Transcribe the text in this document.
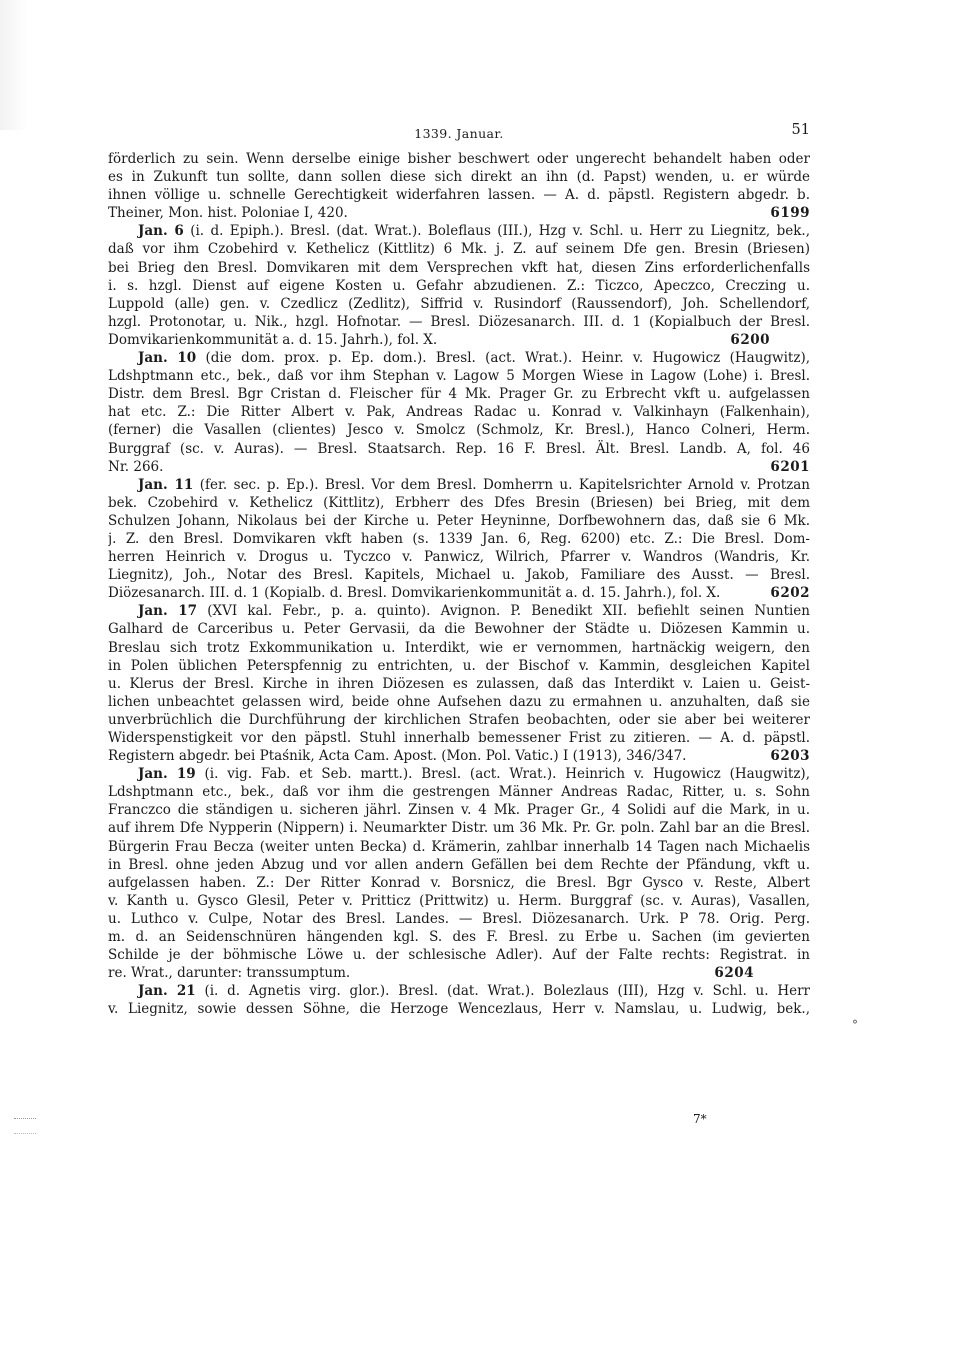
°
1339. Januar.	51
förderlich zu sein. Wenn derselbe einige bisher beschwert oder ungerecht behandelt haben oder
es in Zukunft tun sollte, dann sollen diese sich direkt an ihn (d. Papst) wenden, u. er würde
ihnen völlige u. schnelle Gerechtigkeit widerfahren lassen. — A. d. päpstl. Registern abgedr. b.
6199
Theiner, Mon. hist. Poloniae I, 420.
Jan. 6 (i. d. Epiph.). Bresl. (dat. Wrat.). Boleflaus (III.), Hzg v. Schl. u. Herr zu Liegnitz, bek.,
daß vor ihm Czobehird v. Kethelicz (Kittlitz) 6 Mk. j. Z. auf seinem Dfe gen. Bresin (Briesen)
bei Brieg den Bresl. Domvikaren mit dem Versprechen vkft hat, diesen Zins erforderlichenfalls
i. s. hzgl. Dienst auf eigene Kosten u. Gefahr abzudienen. Z.: Ticzco, Apeczco, Creczing u.
Luppold (alle) gen. v. Czedlicz (Zedlitz), Siffrid v. Rusindorf (Raussendorf), Joh. Schellendorf,
hzgl. Protonotar, u. Nik., hzgl. Hofnotar. — Bresl. Diözesanarch. III. d. 1 (Kopialbuch der Bresl.
6200
Domvikarienkommunität a. d. 15. Jahrh.), fol. X.
Jan. 10 (die dom. prox. p. Ep. dom.). Bresl. (act. Wrat.). Heinr. v. Hugowicz (Haugwitz),
Ldshptmann etc., bek., daß vor ihm Stephan v. Lagow 5 Morgen Wiese in Lagow (Lohe) i. Bresl.
Distr. dem Bresl. Bgr Cristan d. Fleischer für 4 Mk. Prager Gr. zu Erbrecht vkft u. aufgelassen
hat etc. Z.: Die Ritter Albert v. Pak, Andreas Radac u. Konrad v. Valkinhayn (Falkenhain),
(ferner) die Vasallen (clientes) Jesco v. Smolcz (Schmolz, Kr. Bresl.), Hanco Colneri, Herm.
Burggraf (sc. v. Auras). — Bresl. Staatsarch. Rep. 16 F. Bresl. Ält. Bresl. Landb. A, fol. 46
6201
Nr. 266.
Jan. 11 (fer. sec. p. Ep.). Bresl. Vor dem Bresl. Domherrn u. Kapitelsrichter Arnold v. Protzan
bek. Czobehird v. Kethelicz (Kittlitz), Erbherr des Dfes Bresin (Briesen) bei Brieg, mit dem
Schulzen Johann, Nikolaus bei der Kirche u. Peter Heyninne, Dorfbewohnern das, daß sie 6 Mk.
j. Z. den Bresl. Domvikaren vkft haben (s. 1339 Jan. 6, Reg. 6200) etc. Z.: Die Bresl. Dom-
herren Heinrich v. Drogus u. Tyczco v. Panwicz, Wilrich, Pfarrer v. Wandros (Wandris, Kr.
Liegnitz), Joh., Notar des Bresl. Kapitels, Michael u. Jakob, Familiare des Ausst. — Bresl.
6202
Diözesanarch. III. d. 1 (Kopialb. d. Bresl. Domvikarienkommunität a. d. 15. Jahrh.), fol. X.
Jan. 17 (XVI kal. Febr., p. a. quinto). Avignon. P. Benedikt XII. befiehlt seinen Nuntien
Galhard de Carceribus u. Peter Gervasii, da die Bewohner der Städte u. Diözesen Kammin u.
Breslau sich trotz Exkommunikation u. Interdikt, wie er vernommen, hartnäckig weigern, den
in Polen üblichen Peterspfennig zu entrichten, u. der Bischof v. Kammin, desgleichen Kapitel
u. Klerus der Bresl. Kirche in ihren Diözesen es zulassen, daß das Interdikt v. Laien u. Geist-
lichen unbeachtet gelassen wird, beide ohne Aufsehen dazu zu ermahnen u. anzuhalten, daß sie
unverbrüchlich die Durchführung der kirchlichen Strafen beobachten, oder sie aber bei weiterer
Widerspenstigkeit vor den päpstl. Stuhl innerhalb bemessener Frist zu zitieren. — A. d. päpstl.
6203
Registern abgedr. bei Ptaśnik, Acta Cam. Apost. (Mon. Pol. Vatic.) I (1913), 346/347.
Jan. 19 (i. vig. Fab. et Seb. martt.). Bresl. (act. Wrat.). Heinrich v. Hugowicz (Haugwitz),
Ldshptmann etc., bek., daß vor ihm die gestrengen Männer Andreas Radac, Ritter, u. s. Sohn
Franczco die ständigen u. sicheren jährl. Zinsen v. 4 Mk. Prager Gr., 4 Solidi auf die Mark, in u.
auf ihrem Dfe Nypperin (Nippern) i. Neumarkter Distr. um 36 Mk. Pr. Gr. poln. Zahl bar an die Bresl.
Bürgerin Frau Becza (weiter unten Becka) d. Krämerin, zahlbar innerhalb 14 Tagen nach Michaelis
in Bresl. ohne jeden Abzug und vor allen andern Gefällen bei dem Rechte der Pfändung, vkft u.
aufgelassen haben. Z.: Der Ritter Konrad v. Borsnicz, die Bresl. Bgr Gysco v. Reste, Albert
v. Kanth u. Gysco Glesil, Peter v. Pritticz (Prittwitz) u. Herm. Burggraf (sc. v. Auras), Vasallen,
u. Luthco v. Culpe, Notar des Bresl. Landes. — Bresl. Diözesanarch. Urk. P 78. Orig. Perg.
m. d. an Seidenschnüren hängenden kgl. S. des F. Bresl. zu Erbe u. Sachen (im gevierten
Schilde je der böhmische Löwe u. der schlesische Adler). Auf der Falte rechts: Registrat. in
6204
re. Wrat., darunter: transsumptum.
Jan. 21 (i. d. Agnetis virg. glor.). Bresl. (dat. Wrat.). Bolezlaus (III), Hzg v. Schl. u. Herr
v. Liegnitz, sowie dessen Söhne, die Herzoge Wencezlaus, Herr v. Namslau, u. Ludwig, bek.,
7*
